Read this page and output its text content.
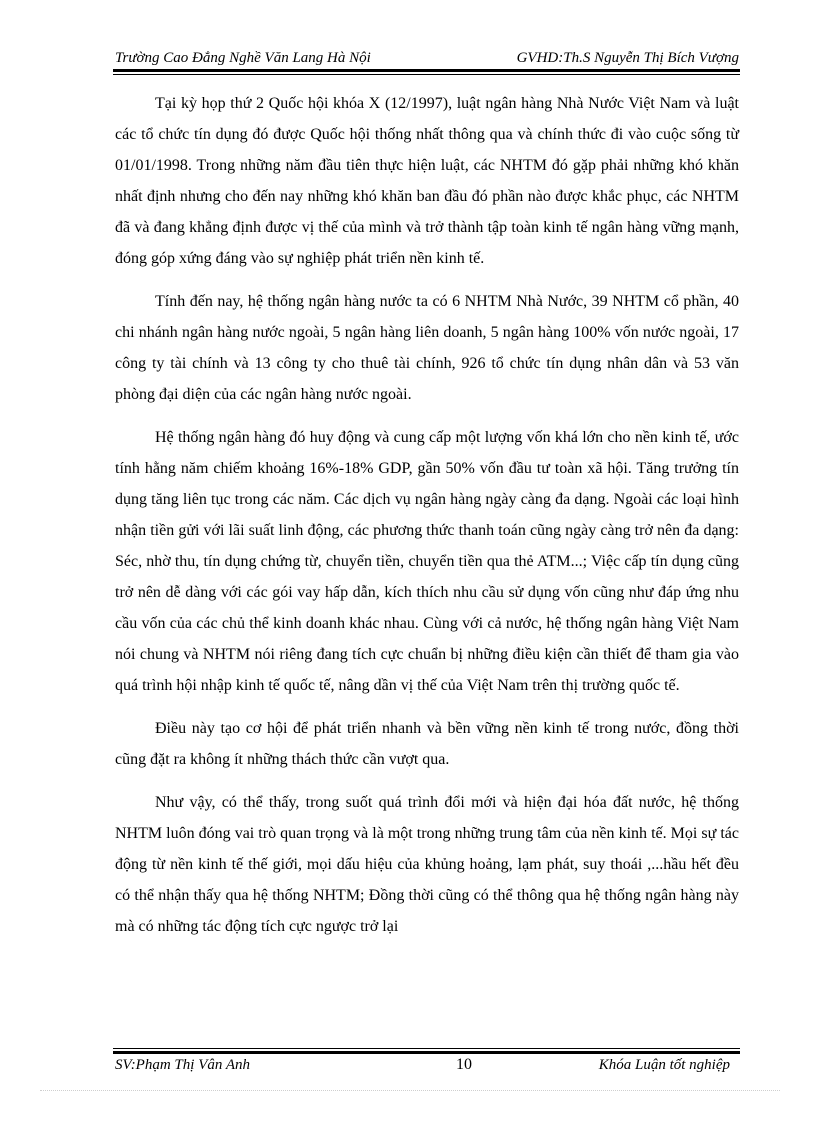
Trường Cao Đẳng Nghề Văn Lang Hà Nội	GVHD:Th.S Nguyễn Thị Bích Vượng

Tại kỳ họp thứ 2 Quốc hội khóa X (12/1997), luật ngân hàng Nhà Nước Việt Nam và luật các tổ chức tín dụng đó được Quốc hội thống nhất thông qua và chính thức đi vào cuộc sống từ 01/01/1998. Trong những năm đầu tiên thực hiện luật, các NHTM đó gặp phải những khó khăn nhất định nhưng cho đến nay những khó khăn ban đầu đó phần nào được khắc phục, các NHTM đã và đang khẳng định được vị thế của mình và trở thành tập toàn kinh tế ngân hàng vững mạnh, đóng góp xứng đáng vào sự nghiệp phát triển nền kinh tế.

Tính đến nay, hệ thống ngân hàng nước ta có 6 NHTM Nhà Nước, 39 NHTM cổ phần, 40 chi nhánh ngân hàng nước ngoài, 5 ngân hàng liên doanh, 5 ngân hàng 100% vốn nước ngoài, 17 công ty tài chính và 13 công ty cho thuê tài chính, 926 tổ chức tín dụng nhân dân và 53 văn phòng đại diện của các ngân hàng nước ngoài.

Hệ thống ngân hàng đó huy động và cung cấp một lượng vốn khá lớn cho nền kinh tế, ước tính hằng năm chiếm khoảng 16%-18% GDP, gần 50% vốn đầu tư toàn xã hội. Tăng trưởng tín dụng tăng liên tục trong các năm. Các dịch vụ ngân hàng ngày càng đa dạng. Ngoài các loại hình nhận tiền gửi với lãi suất linh động, các phương thức thanh toán cũng ngày càng trở nên đa dạng: Séc, nhờ thu, tín dụng chứng từ, chuyển tiền, chuyển tiền qua thẻ ATM...; Việc cấp tín dụng cũng trở nên dễ dàng với các gói vay hấp dẫn, kích thích nhu cầu sử dụng vốn cũng như đáp ứng nhu cầu vốn của các chủ thể kinh doanh khác nhau. Cùng với cả nước, hệ thống ngân hàng Việt Nam nói chung và NHTM nói riêng đang tích cực chuẩn bị những điều kiện cần thiết để tham gia vào quá trình hội nhập kinh tế quốc tế, nâng dần vị thế của Việt Nam trên thị trường quốc tế.

Điều này tạo cơ hội để phát triển nhanh và bền vững nền kinh tế trong nước, đồng thời cũng đặt ra không ít những thách thức cần vượt qua.

Như vậy, có thể thấy, trong suốt quá trình đổi mới và hiện đại hóa đất nước, hệ thống NHTM luôn đóng vai trò quan trọng và là một trong những trung tâm của nền kinh tế. Mọi sự tác động từ nền kinh tế thế giới, mọi dấu hiệu của khủng hoảng, lạm phát, suy thoái ,...hầu hết đều có thể nhận thấy qua hệ thống NHTM; Đồng thời cũng có thể thông qua hệ thống ngân hàng này mà có những tác động tích cực ngược trở lại

SV:Phạm Thị Vân Anh	10	Khóa Luận tốt nghiệp
